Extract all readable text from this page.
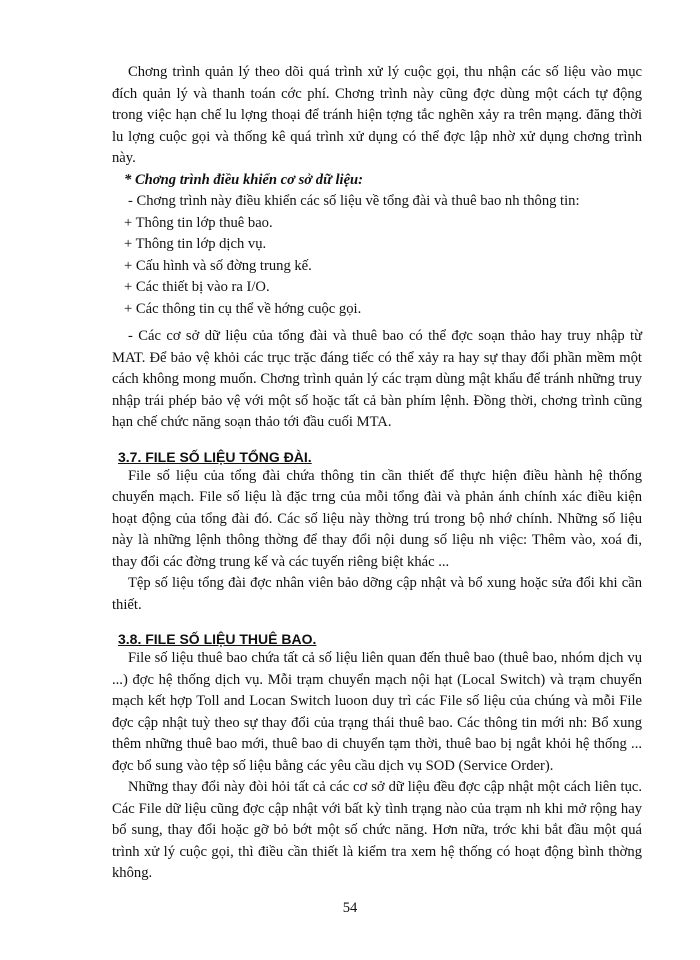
Chơng trình quản lý theo dõi quá trình xử lý cuộc gọi, thu nhận các số liệu vào mục đích quản lý và thanh toán cớc phí. Chơng trình này cũng đợc dùng một cách tự động trong việc hạn chế lu lợng thoại để tránh hiện tợng tắc nghẽn xảy ra trên mạng. đăng thời lu lợng cuộc gọi và thống kê quá trình xử dụng có thể đợc lập nhờ xử dụng chơng trình này.

* Chơng trình điều khiển cơ sở dữ liệu:

- Chơng trình này điều khiển các số liệu về tổng đài và thuê bao nh thông tin:

+ Thông tin lớp thuê bao.
+ Thông tin lớp dịch vụ.
+ Cấu hình và số đờng trung kế.
+ Các thiết bị vào ra I/O.
+ Các thông tin cụ thể về hớng cuộc gọi.

- Các cơ sở dữ liệu của tổng đài và thuê bao có thể đợc soạn thảo hay truy nhập từ MAT. Để bảo vệ khỏi các trục trặc đáng tiếc có thể xảy ra hay sự thay đổi phần mềm một cách không mong muốn. Chơng trình quản lý các trạm dùng mật khẩu để tránh những truy nhập trái phép bảo vệ với một số hoặc tất cả bàn phím lệnh. Đồng thời, chơng trình cũng hạn chế chức năng soạn thảo tới đầu cuối MTA.

3.7. FILE SỐ LIỆU TỔNG ĐÀI.

File số liệu của tổng đài chứa thông tin cần thiết để thực hiện điều hành hệ thống chuyển mạch. File số liệu là đặc trng của mỗi tổng đài và phản ánh chính xác điều kiện hoạt động của tổng đài đó. Các số liệu này thờng trú trong bộ nhớ chính. Những số liệu này là những lệnh thông thờng để thay đổi nội dung số liệu nh việc: Thêm vào, xoá đi, thay đổi các đờng trung kế và các tuyến riêng biệt khác ...

Tệp số liệu tổng đài đợc nhân viên bảo dỡng cập nhật và bổ xung hoặc sửa đổi khi cần thiết.

3.8. FILE SỐ LIỆU THUÊ BAO.

File số liệu thuê bao chứa tất cả số liệu liên quan đến thuê bao (thuê bao, nhóm dịch vụ ...) đợc hệ thống dịch vụ. Mỗi trạm chuyển mạch nội hạt (Local Switch) và trạm chuyển mạch kết hợp Toll and Locan Switch luoon duy trì các File số liệu của chúng và mỗi File đợc cập nhật tuỳ theo sự thay đổi của trạng thái thuê bao. Các thông tin mới nh: Bổ xung thêm những thuê bao mới, thuê bao di chuyển tạm thời, thuê bao bị ngắt khỏi hệ thống ... đợc bổ sung vào tệp số liệu bằng các yêu cầu dịch vụ SOD (Service Order).

Những thay đổi này đòi hỏi tất cả các cơ sở dữ liệu đều đợc cập nhật một cách liên tục. Các File dữ liệu cũng đợc cập nhật với bất kỳ tình trạng nào của trạm nh khi mở rộng hay bổ sung, thay đổi hoặc gỡ bỏ bớt một số chức năng. Hơn nữa, trớc khi bắt đầu một quá trình xử lý cuộc gọi, thì điều cần thiết là kiểm tra xem hệ thống có hoạt động bình thờng không.

54
